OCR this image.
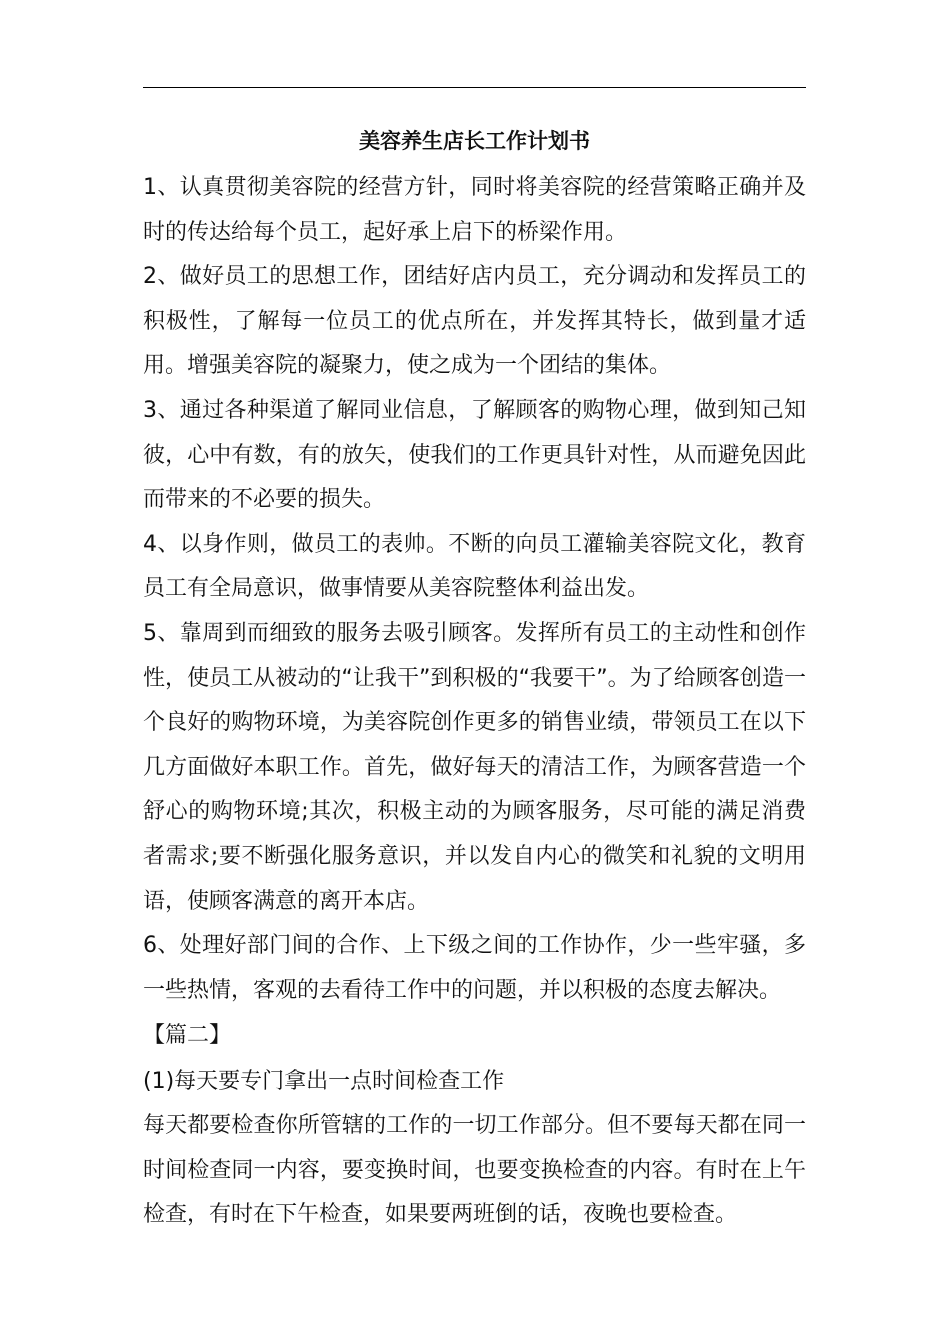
美容养生店长工作计划书

1、认真贯彻美容院的经营方针，同时将美容院的经营策略正确并及时的传达给每个员工，起好承上启下的桥梁作用。

2、做好员工的思想工作，团结好店内员工，充分调动和发挥员工的积极性，了解每一位员工的优点所在，并发挥其特长，做到量才适用。增强美容院的凝聚力，使之成为一个团结的集体。

3、通过各种渠道了解同业信息，了解顾客的购物心理，做到知己知彼，心中有数，有的放矢，使我们的工作更具针对性，从而避免因此而带来的不必要的损失。

4、以身作则，做员工的表帅。不断的向员工灌输美容院文化，教育员工有全局意识，做事情要从美容院整体利益出发。

5、靠周到而细致的服务去吸引顾客。发挥所有员工的主动性和创作性，使员工从被动的“让我干”到积极的“我要干”。为了给顾客创造一个良好的购物环境，为美容院创作更多的销售业绩，带领员工在以下几方面做好本职工作。首先，做好每天的清洁工作，为顾客营造一个舒心的购物环境;其次，积极主动的为顾客服务，尽可能的满足消费者需求;要不断强化服务意识，并以发自内心的微笑和礼貌的文明用语，使顾客满意的离开本店。

6、处理好部门间的合作、上下级之间的工作协作，少一些牢骚，多一些热情，客观的去看待工作中的问题，并以积极的态度去解决。

【篇二】

(1)每天要专门拿出一点时间检查工作

每天都要检查你所管辖的工作的一切工作部分。但不要每天都在同一时间检查同一内容，要变换时间，也要变换检查的内容。有时在上午检查，有时在下午检查，如果要两班倒的话，夜晚也要检查。
